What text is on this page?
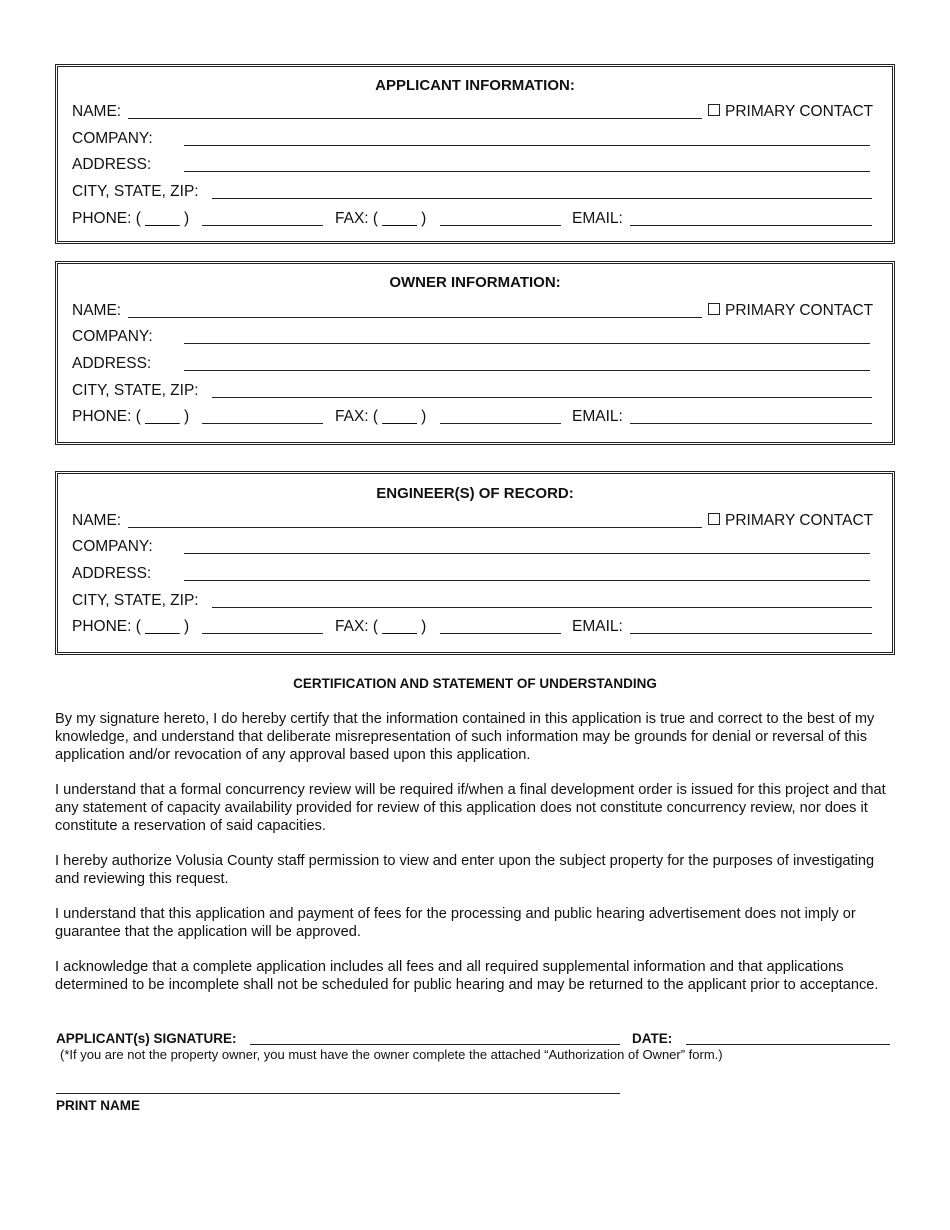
APPLICANT INFORMATION:
NAME:	PRIMARY CONTACT
COMPANY:
ADDRESS:
CITY, STATE, ZIP:
PHONE: ( ____ )	FAX: ( ____ )	EMAIL:
OWNER INFORMATION:
NAME:	PRIMARY CONTACT
COMPANY:
ADDRESS:
CITY, STATE, ZIP:
PHONE: ( ____ )	FAX: ( ____ )	EMAIL:
ENGINEER(S) OF RECORD:
NAME:	PRIMARY CONTACT
COMPANY:
ADDRESS:
CITY, STATE, ZIP:
PHONE: ( ____ )	FAX: ( ____ )	EMAIL:
CERTIFICATION AND STATEMENT OF UNDERSTANDING

By my signature hereto, I do hereby certify that the information contained in this application is true and correct to the best of my knowledge, and understand that deliberate misrepresentation of such information may be grounds for denial or reversal of this application and/or revocation of any approval based upon this application.

I understand that a formal concurrency review will be required if/when a final development order is issued for this project and that any statement of capacity availability provided for review of this application does not constitute concurrency review, nor does it constitute a reservation of said capacities.

I hereby authorize Volusia County staff permission to view and enter upon the subject property for the purposes of investigating and reviewing this request.

I understand that this application and payment of fees for the processing and public hearing advertisement does not imply or guarantee that the application will be approved.

I acknowledge that a complete application includes all fees and all required supplemental information and that applications determined to be incomplete shall not be scheduled for public hearing and may be returned to the applicant prior to acceptance.

APPLICANT(s) SIGNATURE:	DATE:
(*If you are not the property owner, you must have the owner complete the attached “Authorization of Owner” form.)
PRINT NAME
